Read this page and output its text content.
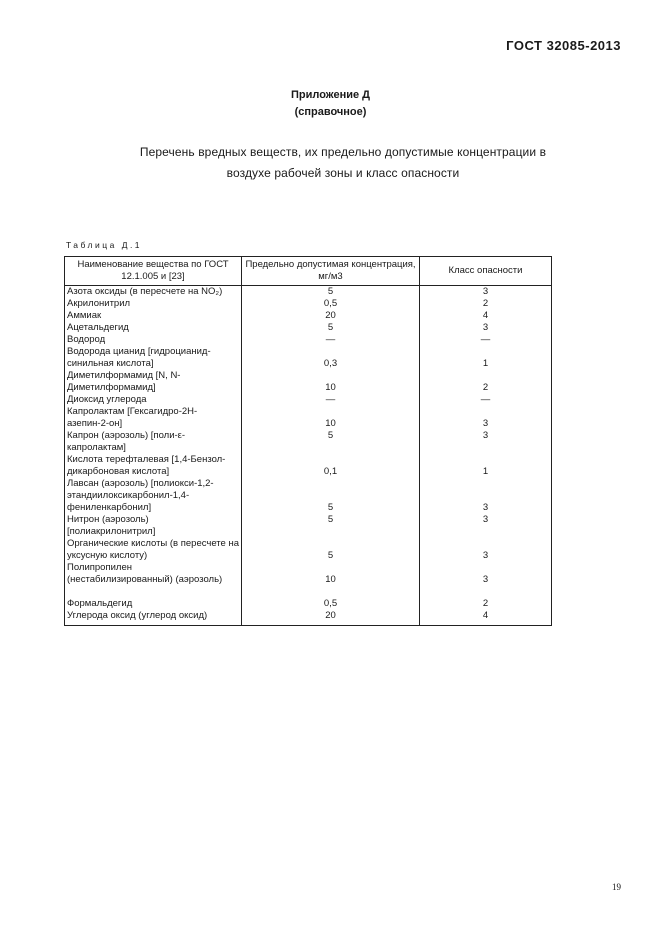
ГОСТ 32085-2013
Приложение Д
(справочное)
Перечень вредных веществ, их предельно допустимые концентрации в
воздухе рабочей зоны и класс опасности
Таблица Д.1
Наименование вещества по ГОСТ 12.1.005 и [23]	Предельно допустимая концентрация, мг/м3	Класс опасности
Азота оксиды (в пересчете на NO₂)	5	3
Акрилонитрил	0,5	2
Аммиак	20	4
Ацетальдегид	5	3
Водород	—	—
Водорода цианид [гидроцианид-синильная кислота]	0,3	1
Диметилформамид [N, N-Диметилформамид]	10	2
Диоксид углерода	—	—
Капролактам [Гексагидро-2Н-азепин-2-он]	10	3
Капрон (аэрозоль) [поли-ε-капролактам]	5	3
Кислота терефталевая [1,4-Бензол-дикарбоновая кислота]	0,1	1
Лавсан (аэрозоль) [полиокси-1,2-этандиилоксикарбонил-1,4-фениленкарбонил]	5	3
Нитрон (аэрозоль) [полиакрилонитрил]	5	3
Органические кислоты (в пересчете на уксусную кислоту)	5	3
Полипропилен (нестабилизированный) (аэрозоль)	10	3
Формальдегид	0,5	2
Углерода оксид (углерод оксид)	20	4
19
